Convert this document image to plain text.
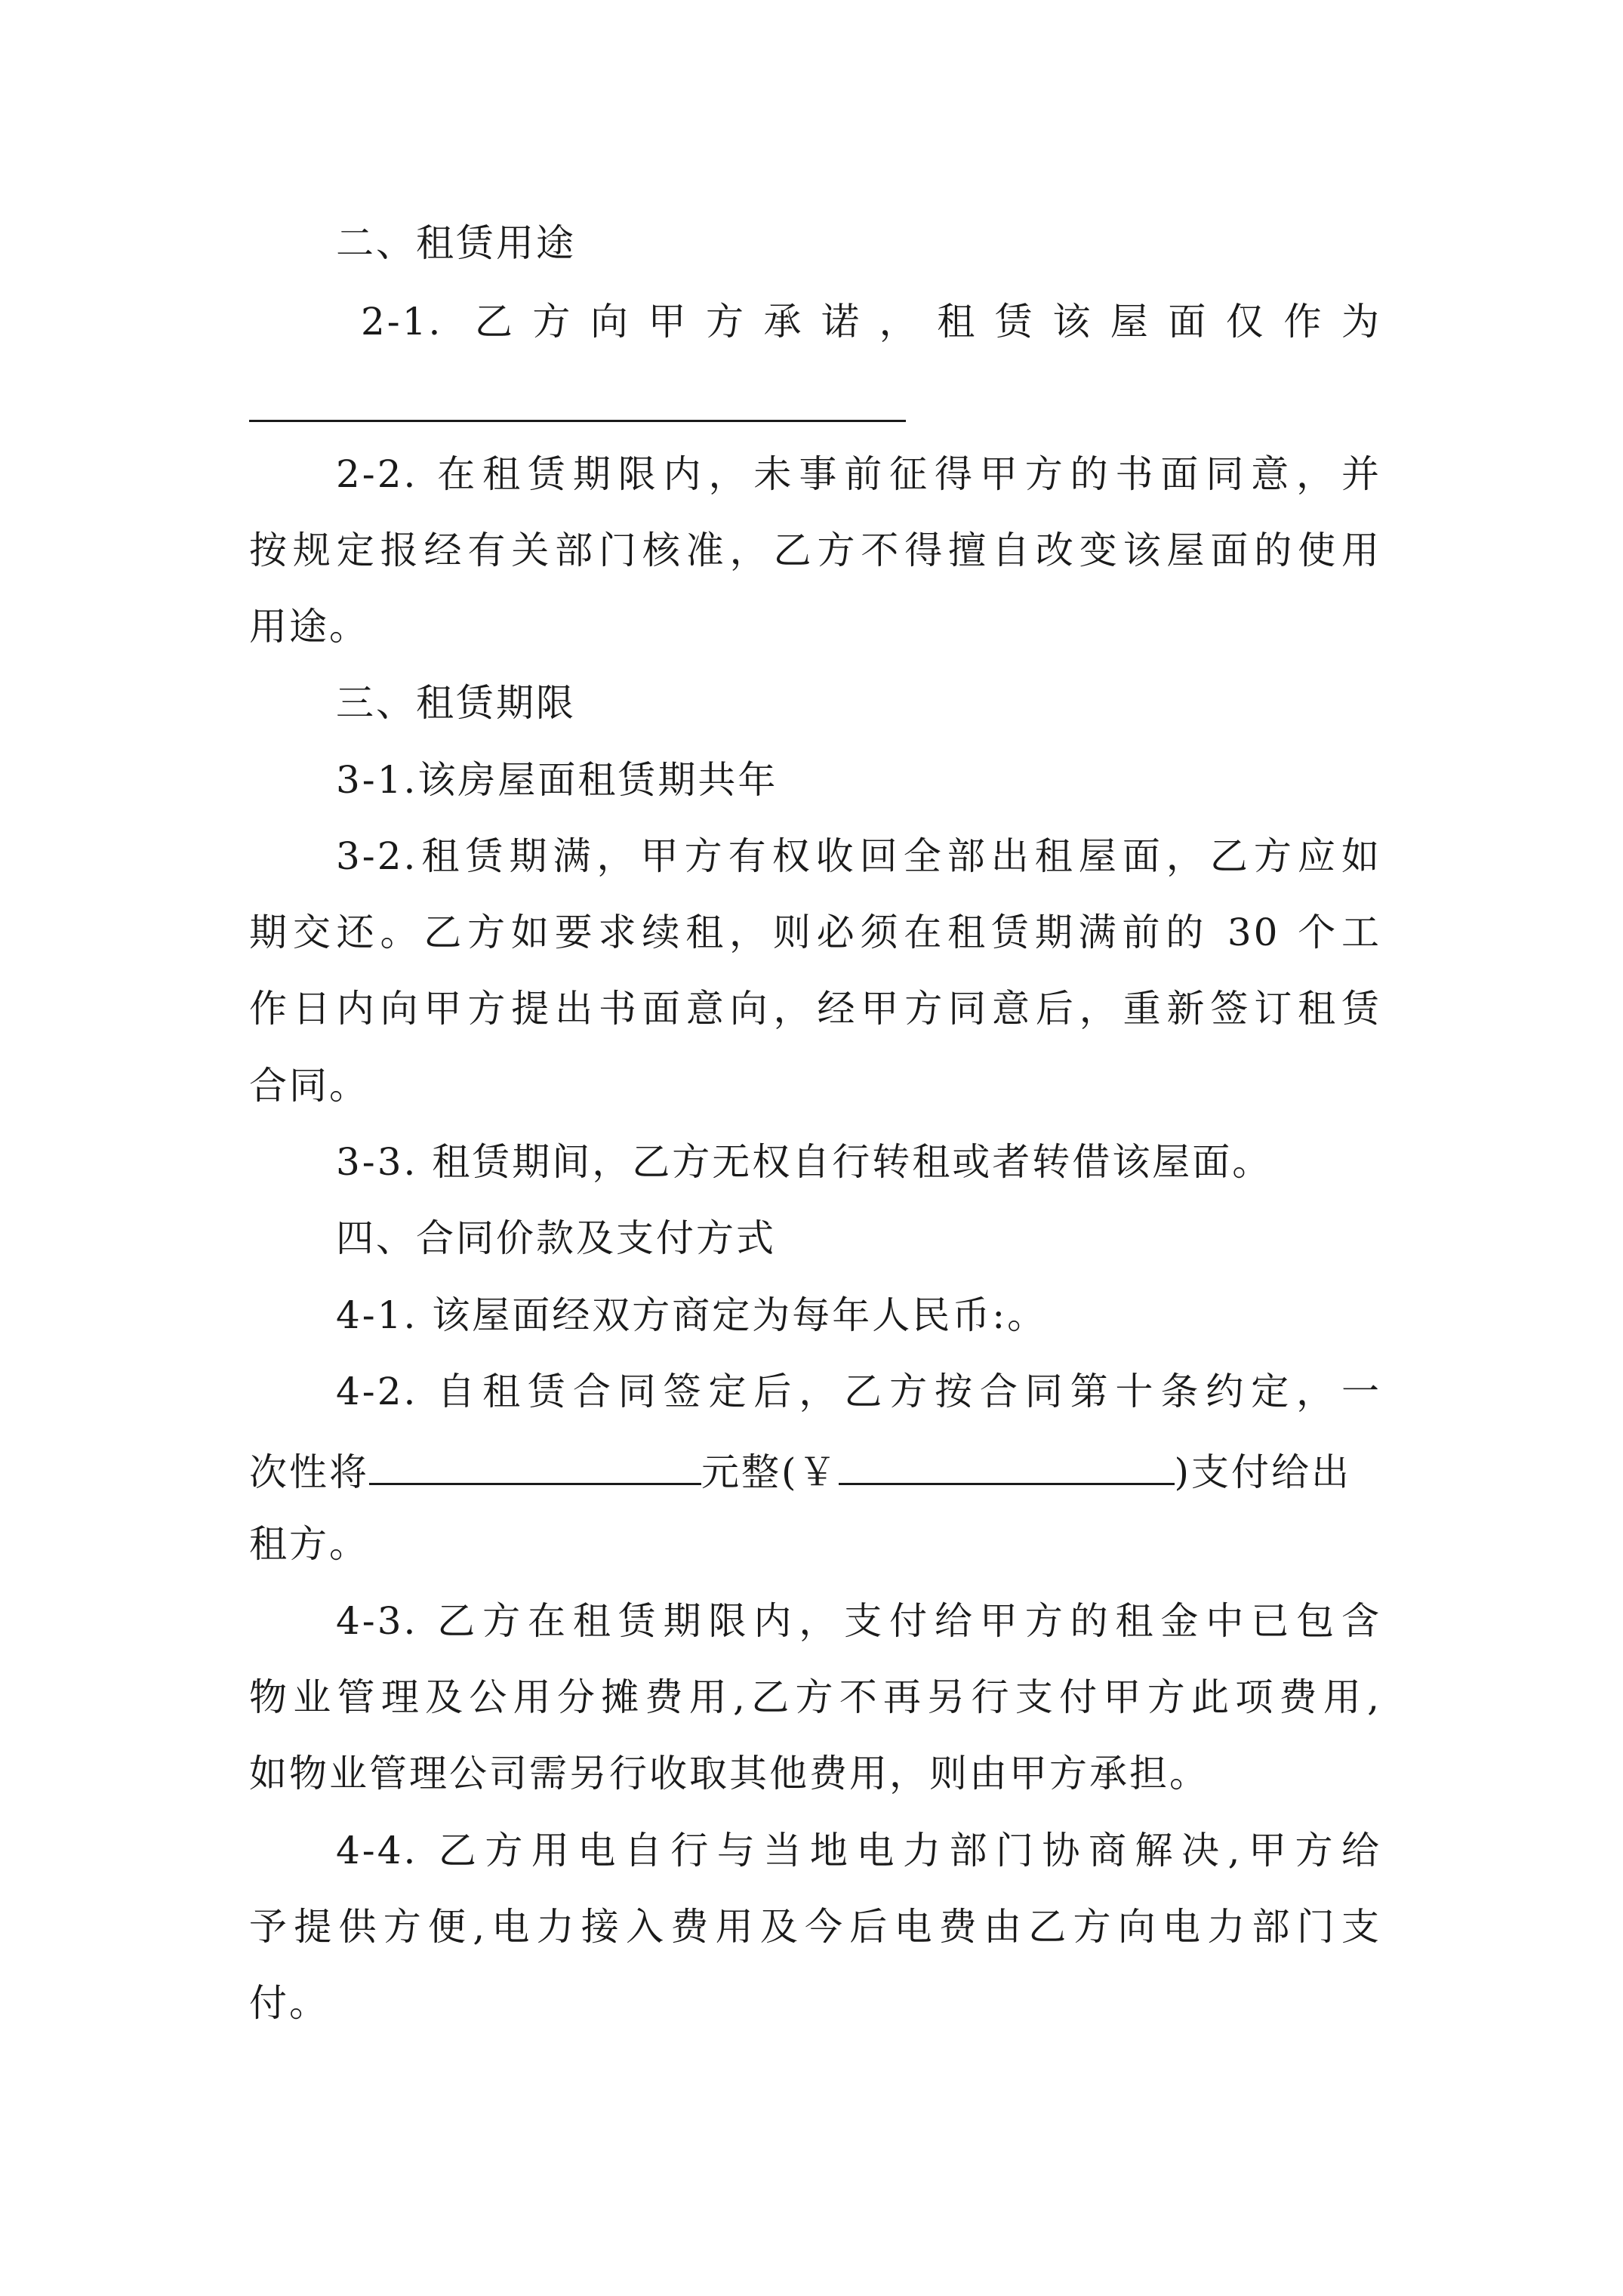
二、租赁用途
2-1. 乙方向甲方承诺，租赁该屋面仅作为
2-2. 在租赁期限内，未事前征得甲方的书面同意，并
按规定报经有关部门核准，乙方不得擅自改变该屋面的使用
用途。
三、租赁期限
3-1.该房屋面租赁期共年
3-2.租赁期满，甲方有权收回全部出租屋面，乙方应如
期交还。乙方如要求续租，则必须在租赁期满前的 30 个工
作日内向甲方提出书面意向，经甲方同意后，重新签订租赁
合同。
3-3. 租赁期间，乙方无权自行转租或者转借该屋面。
四、合同价款及支付方式
4-1. 该屋面经双方商定为每年人民币:。
4-2. 自租赁合同签定后，乙方按合同第十条约定，一
次性将	元整(￥	)支付给出
租方。
4-3. 乙方在租赁期限内，支付给甲方的租金中已包含
物业管理及公用分摊费用,乙方不再另行支付甲方此项费用,
如物业管理公司需另行收取其他费用，则由甲方承担。
4-4. 乙方用电自行与当地电力部门协商解决,甲方给
予提供方便,电力接入费用及今后电费由乙方向电力部门支
付。
